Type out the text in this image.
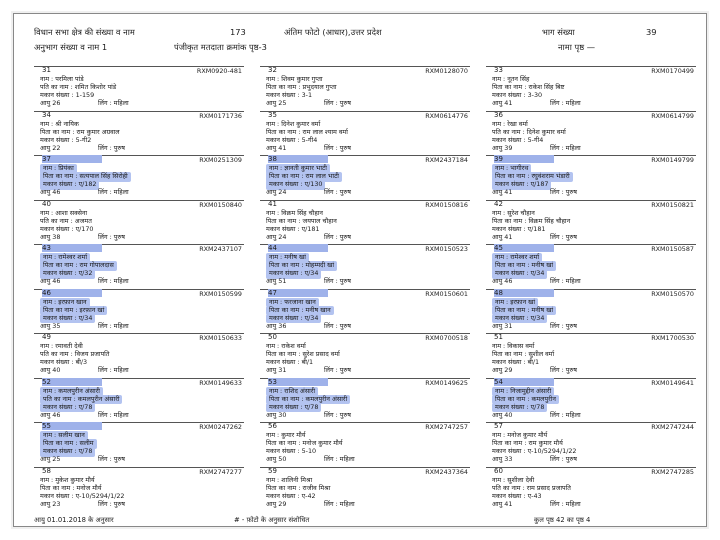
विधान सभा क्षेत्र की संख्या व नाम	173	अंतिम फोटो (आधार),उत्तर प्रदेश	भाग संख्या	39
अनुभाग संख्या व नाम 1	पंजीकृत मतदाता क्रमांक पृष्ठ-3	नामा पृष्ठ —
31	RXM0920-481
नाम : परमिला पांडे
पति का नाम : शमित किशोर पांडे
मकान संख्या : 1-159
आयु 26	लिंग : महिला
32	RXM0128070
नाम : शिवम कुमार गुप्ता
पिता का नाम : प्रभुदयाल गुप्ता
मकान संख्या : 3-1
आयु 25	लिंग : पुरुष
33	RXM0170499
नाम : नूतन सिंह
पिता का नाम : राकेश सिंह बिष्ट
मकान संख्या : 3-30
आयु 41	लिंग : महिला
34	RXM0171736
नाम : श्री नायिक
पिता का नाम : राम कुमार अग्रवाल
मकान संख्या : 5-गी2
आयु 22	लिंग : पुरुष
35	RXM0614776
नाम : दिनेश कुमार वर्मा
पिता का नाम : राम लाल श्याम वर्मा
मकान संख्या : 5-गी4
आयु 41	लिंग : पुरुष
36	RXM0614799
नाम : रेखा वर्मा
पति का नाम : दिनेश कुमार वर्मा
मकान संख्या : 5-गी4
आयु 39	लिंग : महिला
37	RXM0251309
नाम : प्रियंका
पिता का नाम : सत्यपाल सिंह सिरोही
मकान संख्या : ए/182
आयु 46	लिंग : महिला
38	RXM2437184
नाम : ज्ञानती कुमार भाटी
पिता का नाम : राम लाल भाटी
मकान संख्या : ए/130
आयु 24	लिंग : पुरुष
39	RXM0149799
नाम : भागीरथ
पिता का नाम : रघुवंशराम भंडारी
मकान संख्या : ए/187
आयु 41	लिंग : पुरुष
40	RXM0150840
नाम : आशा सक्सेना
पति का नाम : अजमत
मकान संख्या : ए/170
आयु 38	लिंग : पुरुष
41	RXM0150816
नाम : विक्रम सिंह चौहान
पिता का नाम : जयपाल चौहान
मकान संख्या : ए/181
आयु 24	लिंग : पुरुष
42	RXM0150821
नाम : सुरेश चौहान
पिता का नाम : विक्रम सिंह चौहान
मकान संख्या : ए/181
आयु 41	लिंग : पुरुष
43	RXM2437107
नाम : रामेश्वर शर्मा
पिता का नाम : राम गोपालदास
मकान संख्या : ए/32
आयु 46	लिंग : महिला
44	RXM0150523
नाम : मनीष खां
पिता का नाम : मोहम्मदी खां
मकान संख्या : ए/34
आयु 51	लिंग : पुरुष
45	RXM0150587
नाम : रामेश्वर शर्मा
पिता का नाम : मनीष खां
मकान संख्या : ए/34
आयु 46	लिंग : महिला
46	RXM0150599
नाम : इरफ़ान खान
पिता का नाम : इरफ़ान खां
मकान संख्या : ए/34
आयु 35	लिंग : महिला
47	RXM0150601
नाम : फरजाना खान
पिता का नाम : मनीष खान
मकान संख्या : ए/34
आयु 36	लिंग : पुरुष
48	RXM0150570
नाम : इरफ़ान खां
पिता का नाम : मनीष खां
मकान संख्या : ए/34
आयु 31	लिंग : पुरुष
49	RXM0150633
नाम : रमावती देवी
पति का नाम : विजय प्रजापति
मकान संख्या : बी/3
आयु 40	लिंग : महिला
50	RXM0700518
नाम : राकेश वर्मा
पिता का नाम : सुरेश प्रसाद वर्मा
मकान संख्या : बी/1
आयु 31	लिंग : पुरुष
51	RXM1700530
नाम : विकास वर्मा
पिता का नाम : सुशील वर्मा
मकान संख्या : बी/1
आयु 29	लिंग : पुरुष
52	RXM0149633
नाम : कमलपुरीन अंसारी
पति का नाम : कमलपुरीन अंसारी
मकान संख्या : ए/78
आयु 46	लिंग : महिला
53	RXM0149625
नाम : राशिद अंसारी
पिता का नाम : कमलपुरीन अंसारी
मकान संख्या : ए/78
आयु 30	लिंग : पुरुष
54	RXM0149641
नाम : निजामुद्दीन अंसारी
पिता का नाम : कमलपुरीन
मकान संख्या : ए/78
आयु 40	लिंग : महिला
55	RXM0247262
नाम : सलीम खान
पिता का नाम : सलीम
मकान संख्या : ए/78
आयु 25	लिंग : पुरुष
56	RXM2747257
नाम : कुमार मौर्य
पिता का नाम : मनोज कुमार मौर्य
मकान संख्या : 5-10
आयु 50	लिंग : महिला
57	RXM2747244
नाम : मनोज कुमार मौर्य
पिता का नाम : राम कुमार मौर्य
मकान संख्या : ए-10/5294/1/22
आयु 33	लिंग : पुरुष
58	RXM2747277
नाम : मुकेश कुमार मौर्य
पिता का नाम : मनोज मौर्य
मकान संख्या : ए-10/5294/1/22
आयु 23	लिंग : पुरुष
59	RXM2437364
नाम : शालिनी मिश्रा
पिता का नाम : राजीव मिश्रा
मकान संख्या : ए-42
आयु 29	लिंग : महिला
60	RXM2747285
नाम : सुशीला देवी
पति का नाम : राम प्रसाद प्रजापति
मकान संख्या : ए-43
आयु 41	लिंग : महिला
आयु 01.01.2018 के अनुसार	# - फ़ोटो के अनुसार संशोधित	कुल पृष्ठ 42 का पृष्ठ 4
